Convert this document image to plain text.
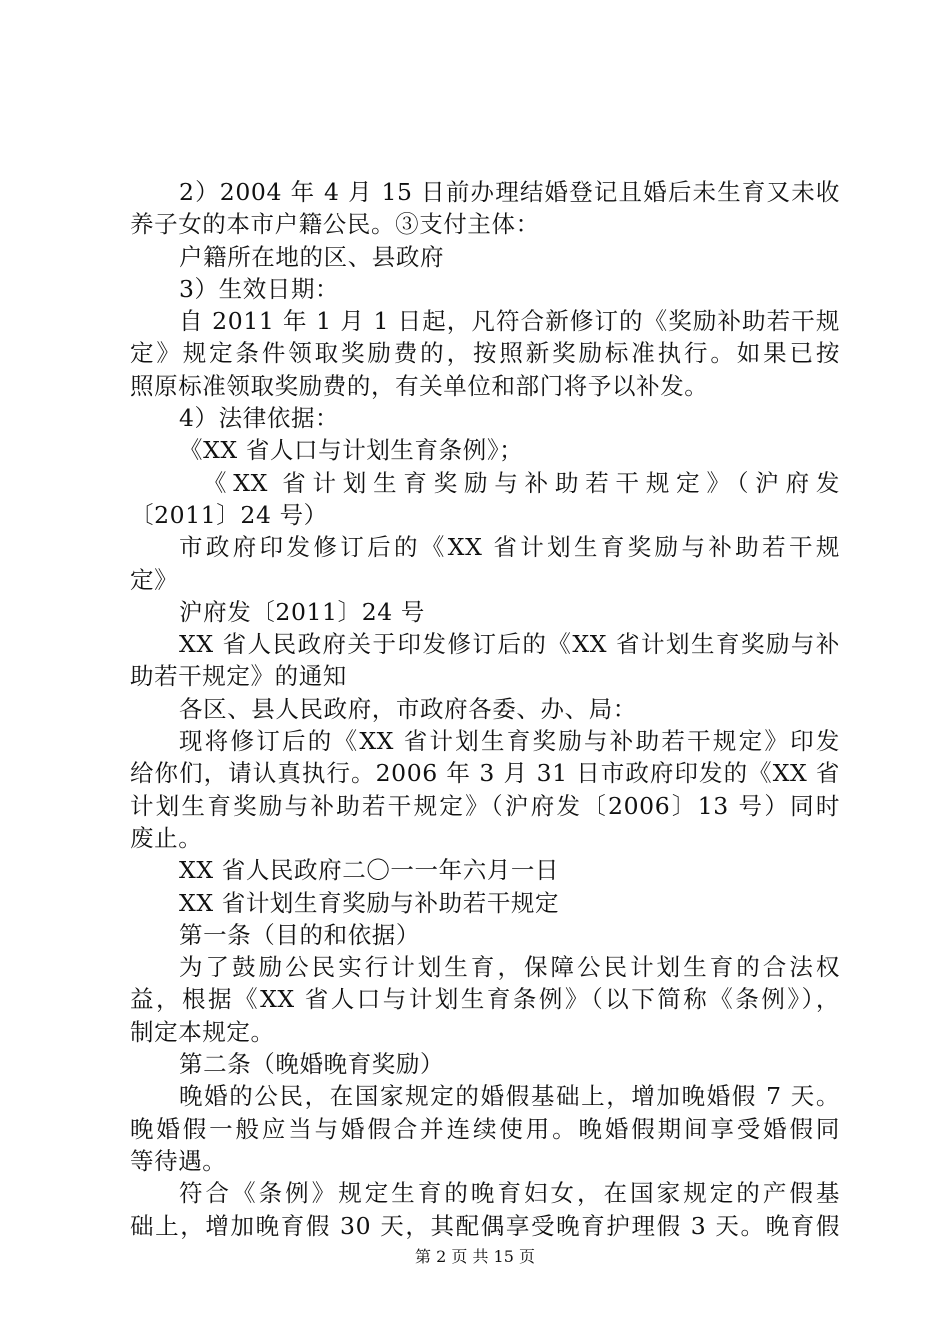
2）2004 年 4 月 15 日前办理结婚登记且婚后未生育又未收
养子女的本市户籍公民。③支付主体：
户籍所在地的区、县政府
3）生效日期：
自 2011 年 1 月 1 日起，凡符合新修订的《奖励补助若干规
定》规定条件领取奖励费的，按照新奖励标准执行。如果已按
照原标准领取奖励费的，有关单位和部门将予以补发。
4）法律依据：
《XX 省人口与计划生育条例》；
《XX 省计划生育奖励与补助若干规定》（沪府发
〔2011〕24 号）
市政府印发修订后的《XX 省计划生育奖励与补助若干规
定》
沪府发〔2011〕24 号
XX 省人民政府关于印发修订后的《XX 省计划生育奖励与补
助若干规定》的通知
各区、县人民政府，市政府各委、办、局：
现将修订后的《XX 省计划生育奖励与补助若干规定》印发
给你们，请认真执行。2006 年 3 月 31 日市政府印发的《XX 省
计划生育奖励与补助若干规定》（沪府发〔2006〕13 号）同时
废止。
XX 省人民政府二〇一一年六月一日
XX 省计划生育奖励与补助若干规定
第一条（目的和依据）
为了鼓励公民实行计划生育，保障公民计划生育的合法权
益，根据《XX 省人口与计划生育条例》（以下简称《条例》），
制定本规定。
第二条（晚婚晚育奖励）
晚婚的公民，在国家规定的婚假基础上，增加晚婚假 7 天。
晚婚假一般应当与婚假合并连续使用。晚婚假期间享受婚假同
等待遇。
符合《条例》规定生育的晚育妇女，在国家规定的产假基
础上，增加晚育假 30 天，其配偶享受晚育护理假 3 天。晚育假
第 2 页 共 15 页
